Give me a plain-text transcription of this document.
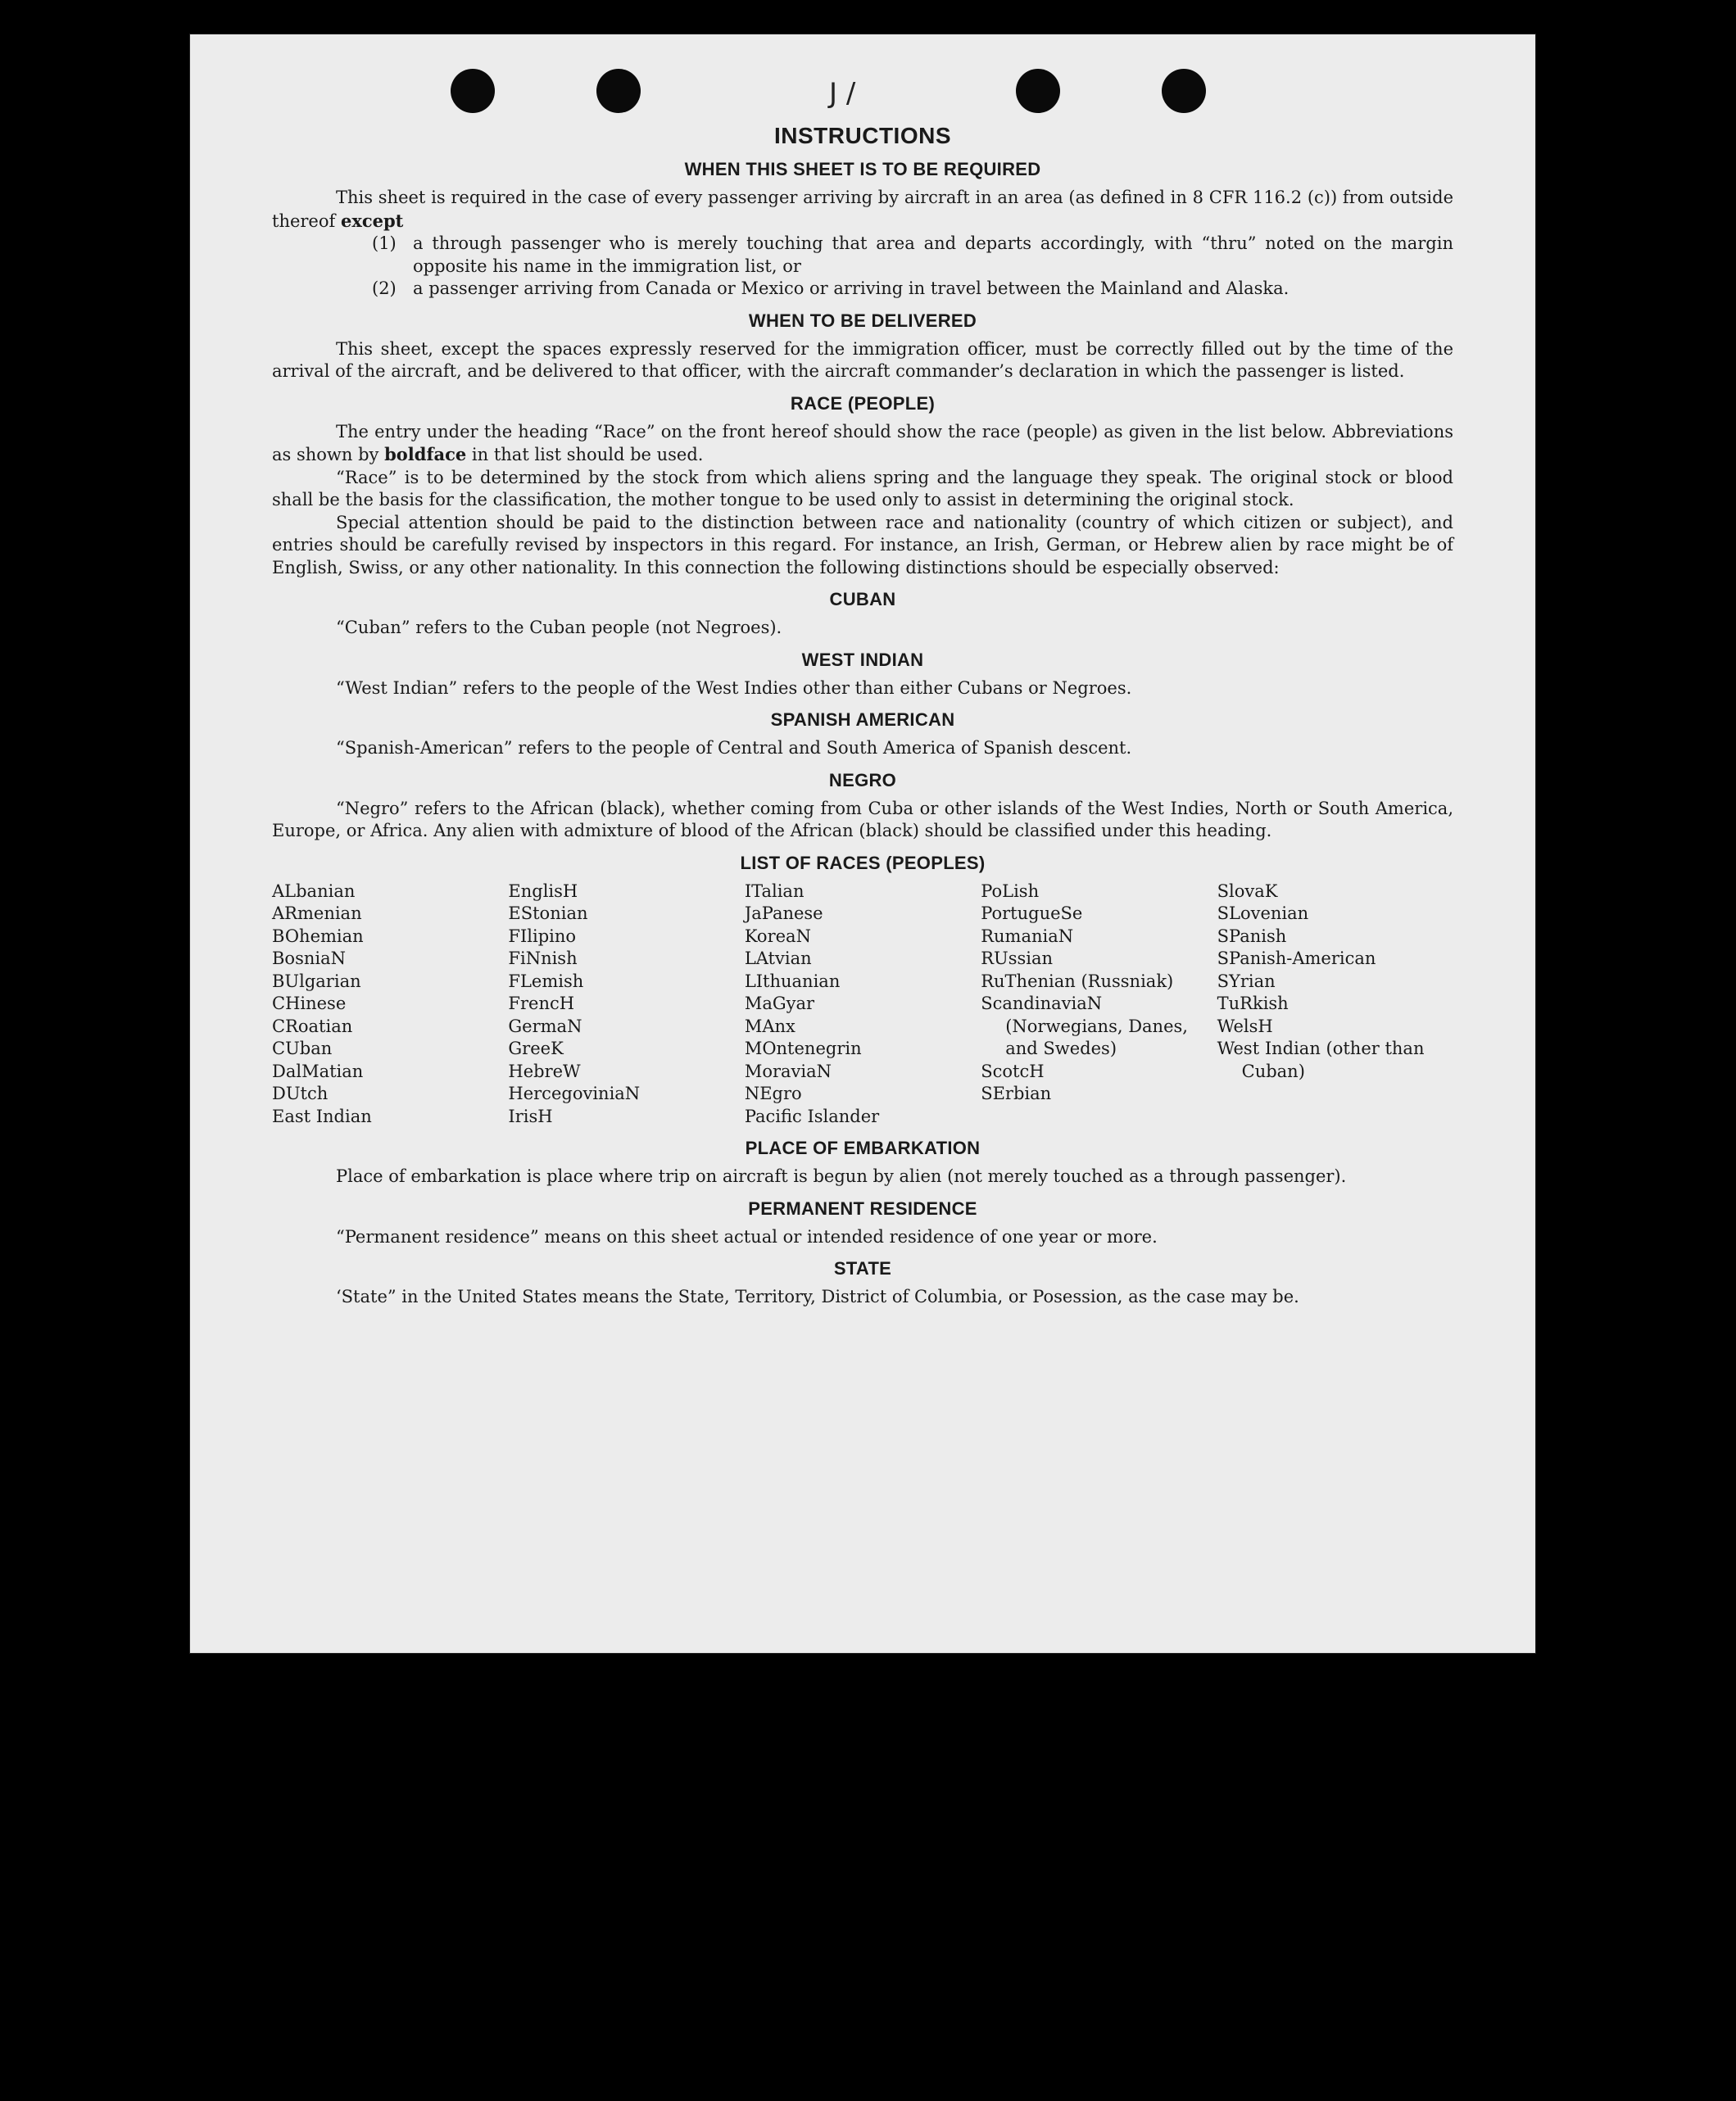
J /
INSTRUCTIONS
WHEN THIS SHEET IS TO BE REQUIRED

This sheet is required in the case of every passenger arriving by aircraft in an area (as defined in 8 CFR 116.2 (c)) from outside thereof except

(1) a through passenger who is merely touching that area and departs accordingly, with “thru” noted on the margin opposite his name in the immigration list, or
(2) a passenger arriving from Canada or Mexico or arriving in travel between the Mainland and Alaska.
WHEN TO BE DELIVERED

This sheet, except the spaces expressly reserved for the immigration officer, must be correctly filled out by the time of the arrival of the aircraft, and be delivered to that officer, with the aircraft commander’s declaration in which the passenger is listed.

RACE (PEOPLE)

The entry under the heading “Race” on the front hereof should show the race (people) as given in the list below. Abbreviations as shown by boldface in that list should be used.

“Race” is to be determined by the stock from which aliens spring and the language they speak. The original stock or blood shall be the basis for the classification, the mother tongue to be used only to assist in determining the original stock.

Special attention should be paid to the distinction between race and nationality (country of which citizen or subject), and entries should be carefully revised by inspectors in this regard. For instance, an Irish, German, or Hebrew alien by race might be of English, Swiss, or any other nationality. In this connection the following distinctions should be especially observed:

CUBAN

“Cuban” refers to the Cuban people (not Negroes).

WEST INDIAN

“West Indian” refers to the people of the West Indies other than either Cubans or Negroes.

SPANISH AMERICAN

“Spanish-American” refers to the people of Central and South America of Spanish descent.

NEGRO

“Negro” refers to the African (black), whether coming from Cuba or other islands of the West Indies, North or South America, Europe, or Africa. Any alien with admixture of blood of the African (black) should be classified under this heading.

LIST OF RACES (PEOPLES)
ALbanian
ARmenian
BOhemian
BosniaN
BUlgarian
CHinese
CRoatian
CUban
DalMatian
DUtch
East Indian
EnglisH
EStonian
FIlipino
FiNnish
FLemish
FrencH
GermaN
GreeK
HebreW
HercegoviniaN
IrisH
ITalian
JaPanese
KoreaN
LAtvian
LIthuanian
MaGyar
MAnx
MOntenegrin
MoraviaN
NEgro
Pacific Islander
PoLish
PortugueSe
RumaniaN
RUssian
RuThenian (Russniak)
ScandinaviaN (Norwegians, Danes, and Swedes)
ScotcH
SErbian
SlovaK
SLovenian
SPanish
SPanish-American
SYrian
TuRkish
WelsH
West Indian (other than Cuban)
PLACE OF EMBARKATION

Place of embarkation is place where trip on aircraft is begun by alien (not merely touched as a through passenger).

PERMANENT RESIDENCE

“Permanent residence” means on this sheet actual or intended residence of one year or more.

STATE

‘State” in the United States means the State, Territory, District of Columbia, or Posession, as the case may be.
